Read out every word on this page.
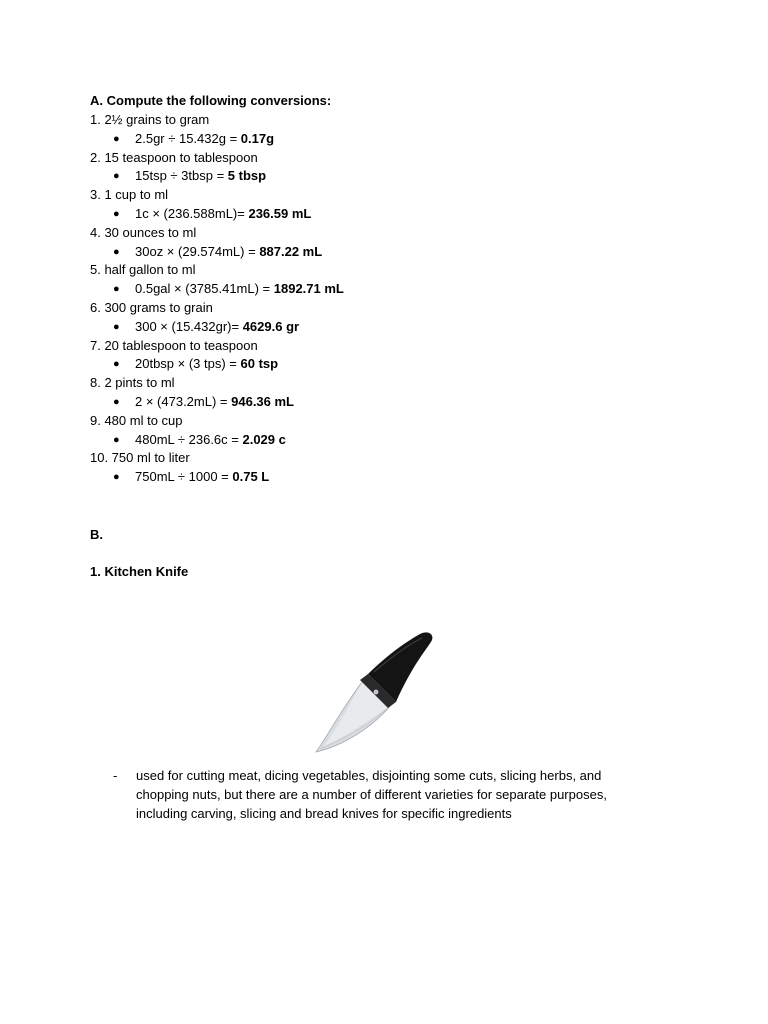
A. Compute the following conversions:
1. 2½ grains to gram
● 2.5gr ÷ 15.432g = 0.17g
2. 15 teaspoon to tablespoon
● 15tsp ÷ 3tbsp = 5 tbsp
3. 1 cup to ml
● 1c × (236.588mL)= 236.59 mL
4. 30 ounces to ml
● 30oz × (29.574mL) = 887.22 mL
5. half gallon to ml
● 0.5gal × (3785.41mL) = 1892.71 mL
6. 300 grams to grain
● 300 × (15.432gr)= 4629.6 gr
7. 20 tablespoon to teaspoon
● 20tbsp × (3 tps) = 60 tsp
8. 2 pints to ml
● 2 × (473.2mL) = 946.36 mL
9. 480 ml to cup
● 480mL ÷ 236.6c = 2.029 c
10. 750 ml to liter
● 750mL ÷ 1000 = 0.75 L
B.
1. Kitchen Knife
- used for cutting meat, dicing vegetables, disjointing some cuts, slicing herbs, and chopping nuts, but there are a number of different varieties for separate purposes, including carving, slicing and bread knives for specific ingredients
